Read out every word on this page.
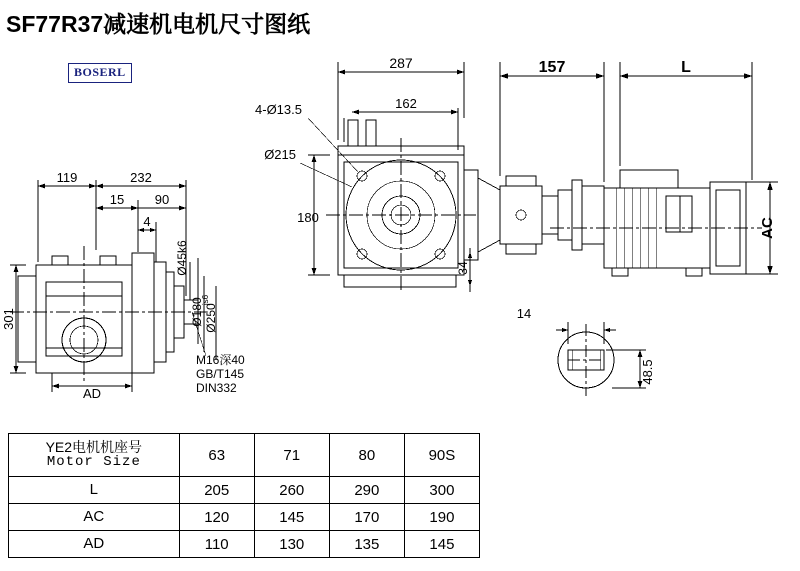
SF77R37减速机电机尺寸图纸
BOSERL
119	232
15 90
4
301
AD
Ø45k6
Ø180
js6
Ø250
M16深40
GB/T145
DIN332
287
162
4-Ø13.5
Ø215
180
34
157	L
AC
14
48.5
YE2电机机座号
Motor Size	63	71	80	90S
L	205	260	290	300
AC	120	145	170	190
AD	110	130	135	145
